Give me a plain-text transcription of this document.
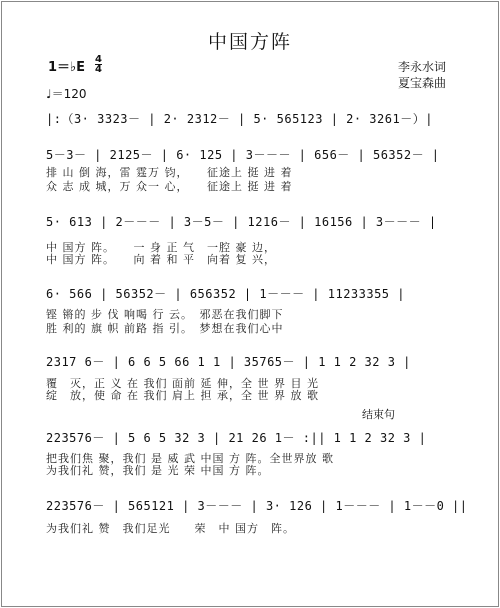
中国方阵
李永水词
夏宝森曲
1＝♭E
4
4
♩＝120
|:（3· 3323－ | 2· 2312－ | 5· 565123 | 2· 3261－）|
5－3－ | 2125－ | 6· 125 | 3－－－ | 656－ | 56352－ |
排 山 倒 海，雷 霆万 钧，　　征途上 挺 进 着
众 志 成 城，万 众一 心，　　征途上 挺 进 着
5· 613 | 2－－－ | 3－5－ | 1216－ | 16156 | 3－－－ |
中 国方 阵。　　一 身 正 气　一腔 豪 边，
中 国方 阵。　　向 着 和 平　向着 复 兴，
6· 566 | 56352－ | 656352 | 1－－－ | 11233355 |
铿 锵的 步 伐 响喝 行 云。　邪恶在我们脚下
胜 利的 旗 帜 前路 指 引。　梦想在我们心中
2317 6－ | 6 6 5 66 1 1 | 35765－ | 1 1 2 32 3 |
覆　灭，正 义 在 我们 面前 延 伸，全 世 界 目 光
绽　放，使 命 在 我们 肩上 担 承，全 世 界 放 歌
结束句
223576－ | 5 6 5 32 3 | 21 26 1－ :|| 1 1 2 32 3 |
把我们焦 聚，我们 是 威 武 中国 方 阵。全世界放 歌
为我们礼 赞，我们 是 光 荣 中国 方 阵。
223576－ | 565121 | 3－－－ | 3· 126 | 1－－－ | 1－－0 ||
为我们礼 赞　我们足光　　荣　中 国方　阵。
